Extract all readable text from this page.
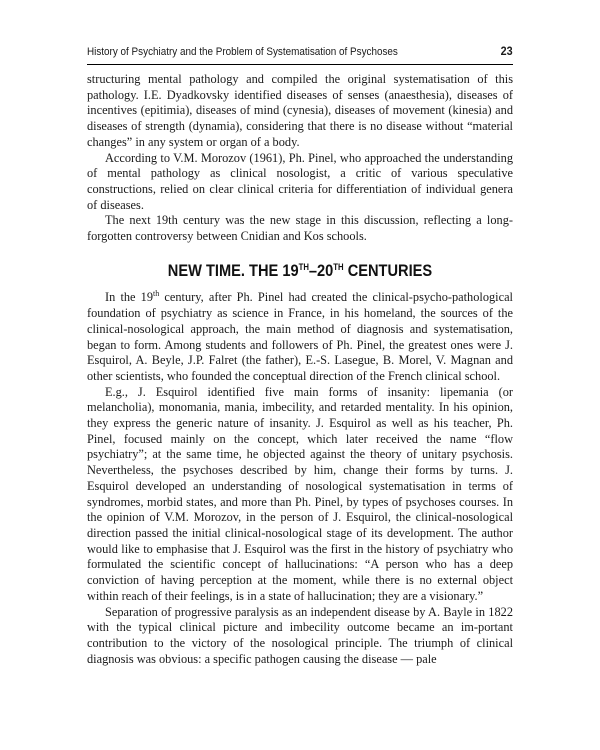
History of Psychiatry and the Problem of Systematisation of Psychoses	23

structuring mental pathology and compiled the original systematisation of this pathology. I.E. Dyadkovsky identified diseases of senses (anaesthesia), diseases of incentives (epitimia), diseases of mind (cynesia), diseases of movement (kinesia) and diseases of strength (dynamia), considering that there is no disease without “material changes” in any system or organ of a body.

According to V.M. Morozov (1961), Ph. Pinel, who approached the understanding of mental pathology as clinical nosologist, a critic of various speculative constructions, relied on clear clinical criteria for differentiation of individual genera of diseases.

The next 19th century was the new stage in this discussion, reflecting a long-forgotten controversy between Cnidian and Kos schools.

NEW TIME. THE 19TH–20TH CENTURIES

In the 19th century, after Ph. Pinel had created the clinical-psycho-pathological foundation of psychiatry as science in France, in his homeland, the sources of the clinical-nosological approach, the main method of diagnosis and systematisation, began to form. Among students and followers of Ph. Pinel, the greatest ones were J. Esquirol, A. Beyle, J.P. Falret (the father), E.-S. Lasegue, B. Morel, V. Magnan and other scientists, who founded the conceptual direction of the French clinical school.

E.g., J. Esquirol identified five main forms of insanity: lipemania (or melancholia), monomania, mania, imbecility, and retarded mentality. In his opinion, they express the generic nature of insanity. J. Esquirol as well as his teacher, Ph. Pinel, focused mainly on the concept, which later received the name “flow psychiatry”; at the same time, he objected against the theory of unitary psychosis. Nevertheless, the psychoses described by him, change their forms by turns. J. Esquirol developed an understanding of nosological systematisation in terms of syndromes, morbid states, and more than Ph. Pinel, by types of psychoses courses. In the opinion of V.M. Morozov, in the person of J. Esquirol, the clinical-nosological direction passed the initial clinical-nosological stage of its development. The author would like to emphasise that J. Esquirol was the first in the history of psychiatry who formulated the scientific concept of hallucinations: “A person who has a deep conviction of having perception at the moment, while there is no external object within reach of their feelings, is in a state of hallucination; they are a visionary.”

Separation of progressive paralysis as an independent disease by A. Bayle in 1822 with the typical clinical picture and imbecility outcome became an im-portant contribution to the victory of the nosological principle. The triumph of clinical diagnosis was obvious: a specific pathogen causing the disease — pale
